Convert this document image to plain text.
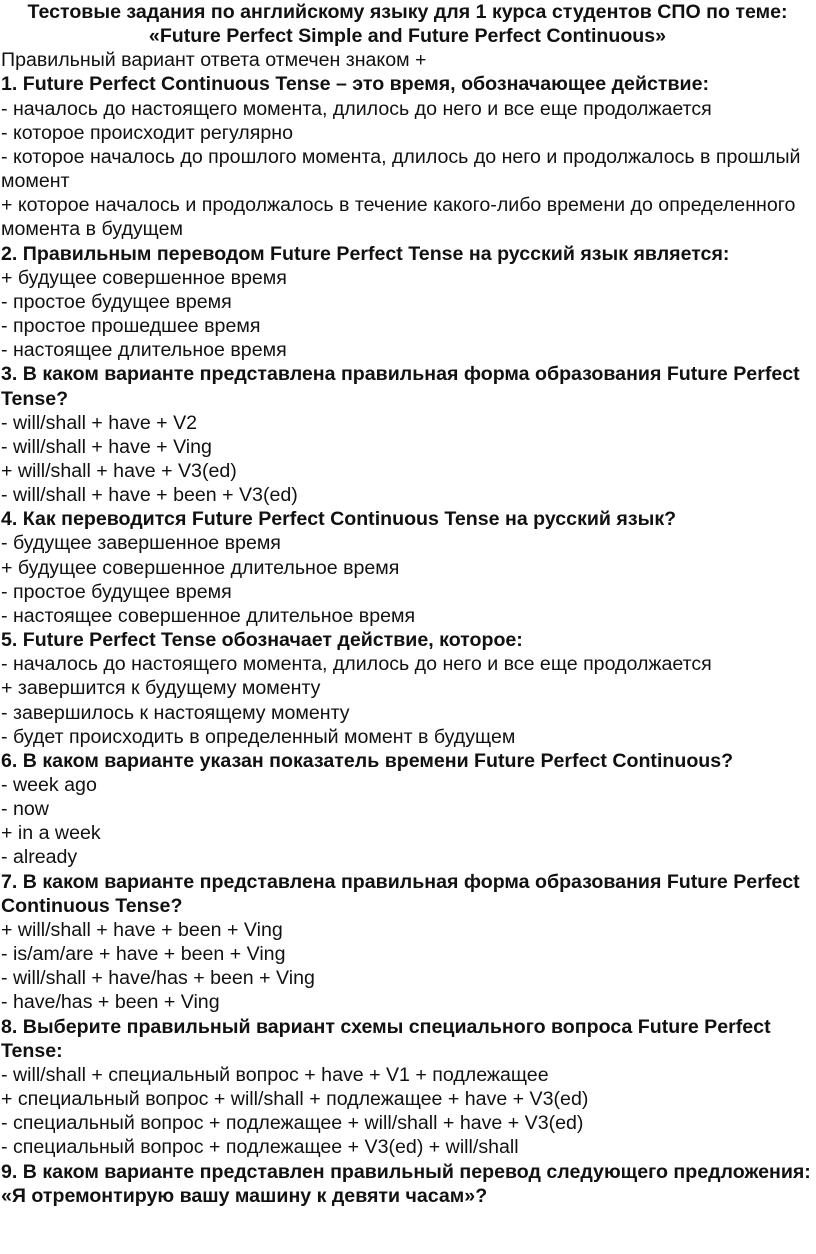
Тестовые задания по английскому языку для 1 курса студентов СПО по теме: «Future Perfect Simple and Future Perfect Continuous»

Правильный вариант ответа отмечен знаком +

1. Future Perfect Continuous Tense – это время, обозначающее действие:

- началось до настоящего момента, длилось до него и все еще продолжается

- которое происходит регулярно

- которое началось до прошлого момента, длилось до него и продолжалось в прошлый момент

+ которое началось и продолжалось в течение какого-либо времени до определенного момента в будущем

2. Правильным переводом Future Perfect Tense на русский язык является:

+ будущее совершенное время

- простое будущее время

- простое прошедшее время

- настоящее длительное время

3. В каком варианте представлена правильная форма образования Future Perfect Tense?

- will/shall + have + V2

- will/shall + have + Ving

+ will/shall + have + V3(ed)

- will/shall + have + been + V3(ed)

4. Как переводится Future Perfect Continuous Tense на русский язык?

- будущее завершенное время

+ будущее совершенное длительное время

- простое будущее время

- настоящее совершенное длительное время

5. Future Perfect Tense обозначает действие, которое:

- началось до настоящего момента, длилось до него и все еще продолжается

+ завершится к будущему моменту

- завершилось к настоящему моменту

- будет происходить в определенный момент в будущем

6. В каком варианте указан показатель времени Future Perfect Continuous?

- week ago

- now

+ in a week

- already

7. В каком варианте представлена правильная форма образования Future Perfect Continuous Tense?

+ will/shall + have + been + Ving

- is/am/are + have + been + Ving

- will/shall + have/has + been + Ving

- have/has + been + Ving

8. Выберите правильный вариант схемы специального вопроса Future Perfect Tense:

- will/shall + специальный вопрос + have + V1 + подлежащее

+ специальный вопрос + will/shall + подлежащее + have + V3(ed)

- специальный вопрос + подлежащее + will/shall + have + V3(ed)

- специальный вопрос + подлежащее + V3(ed) + will/shall

9. В каком варианте представлен правильный перевод следующего предложения: «Я отремонтирую вашу машину к девяти часам»?
